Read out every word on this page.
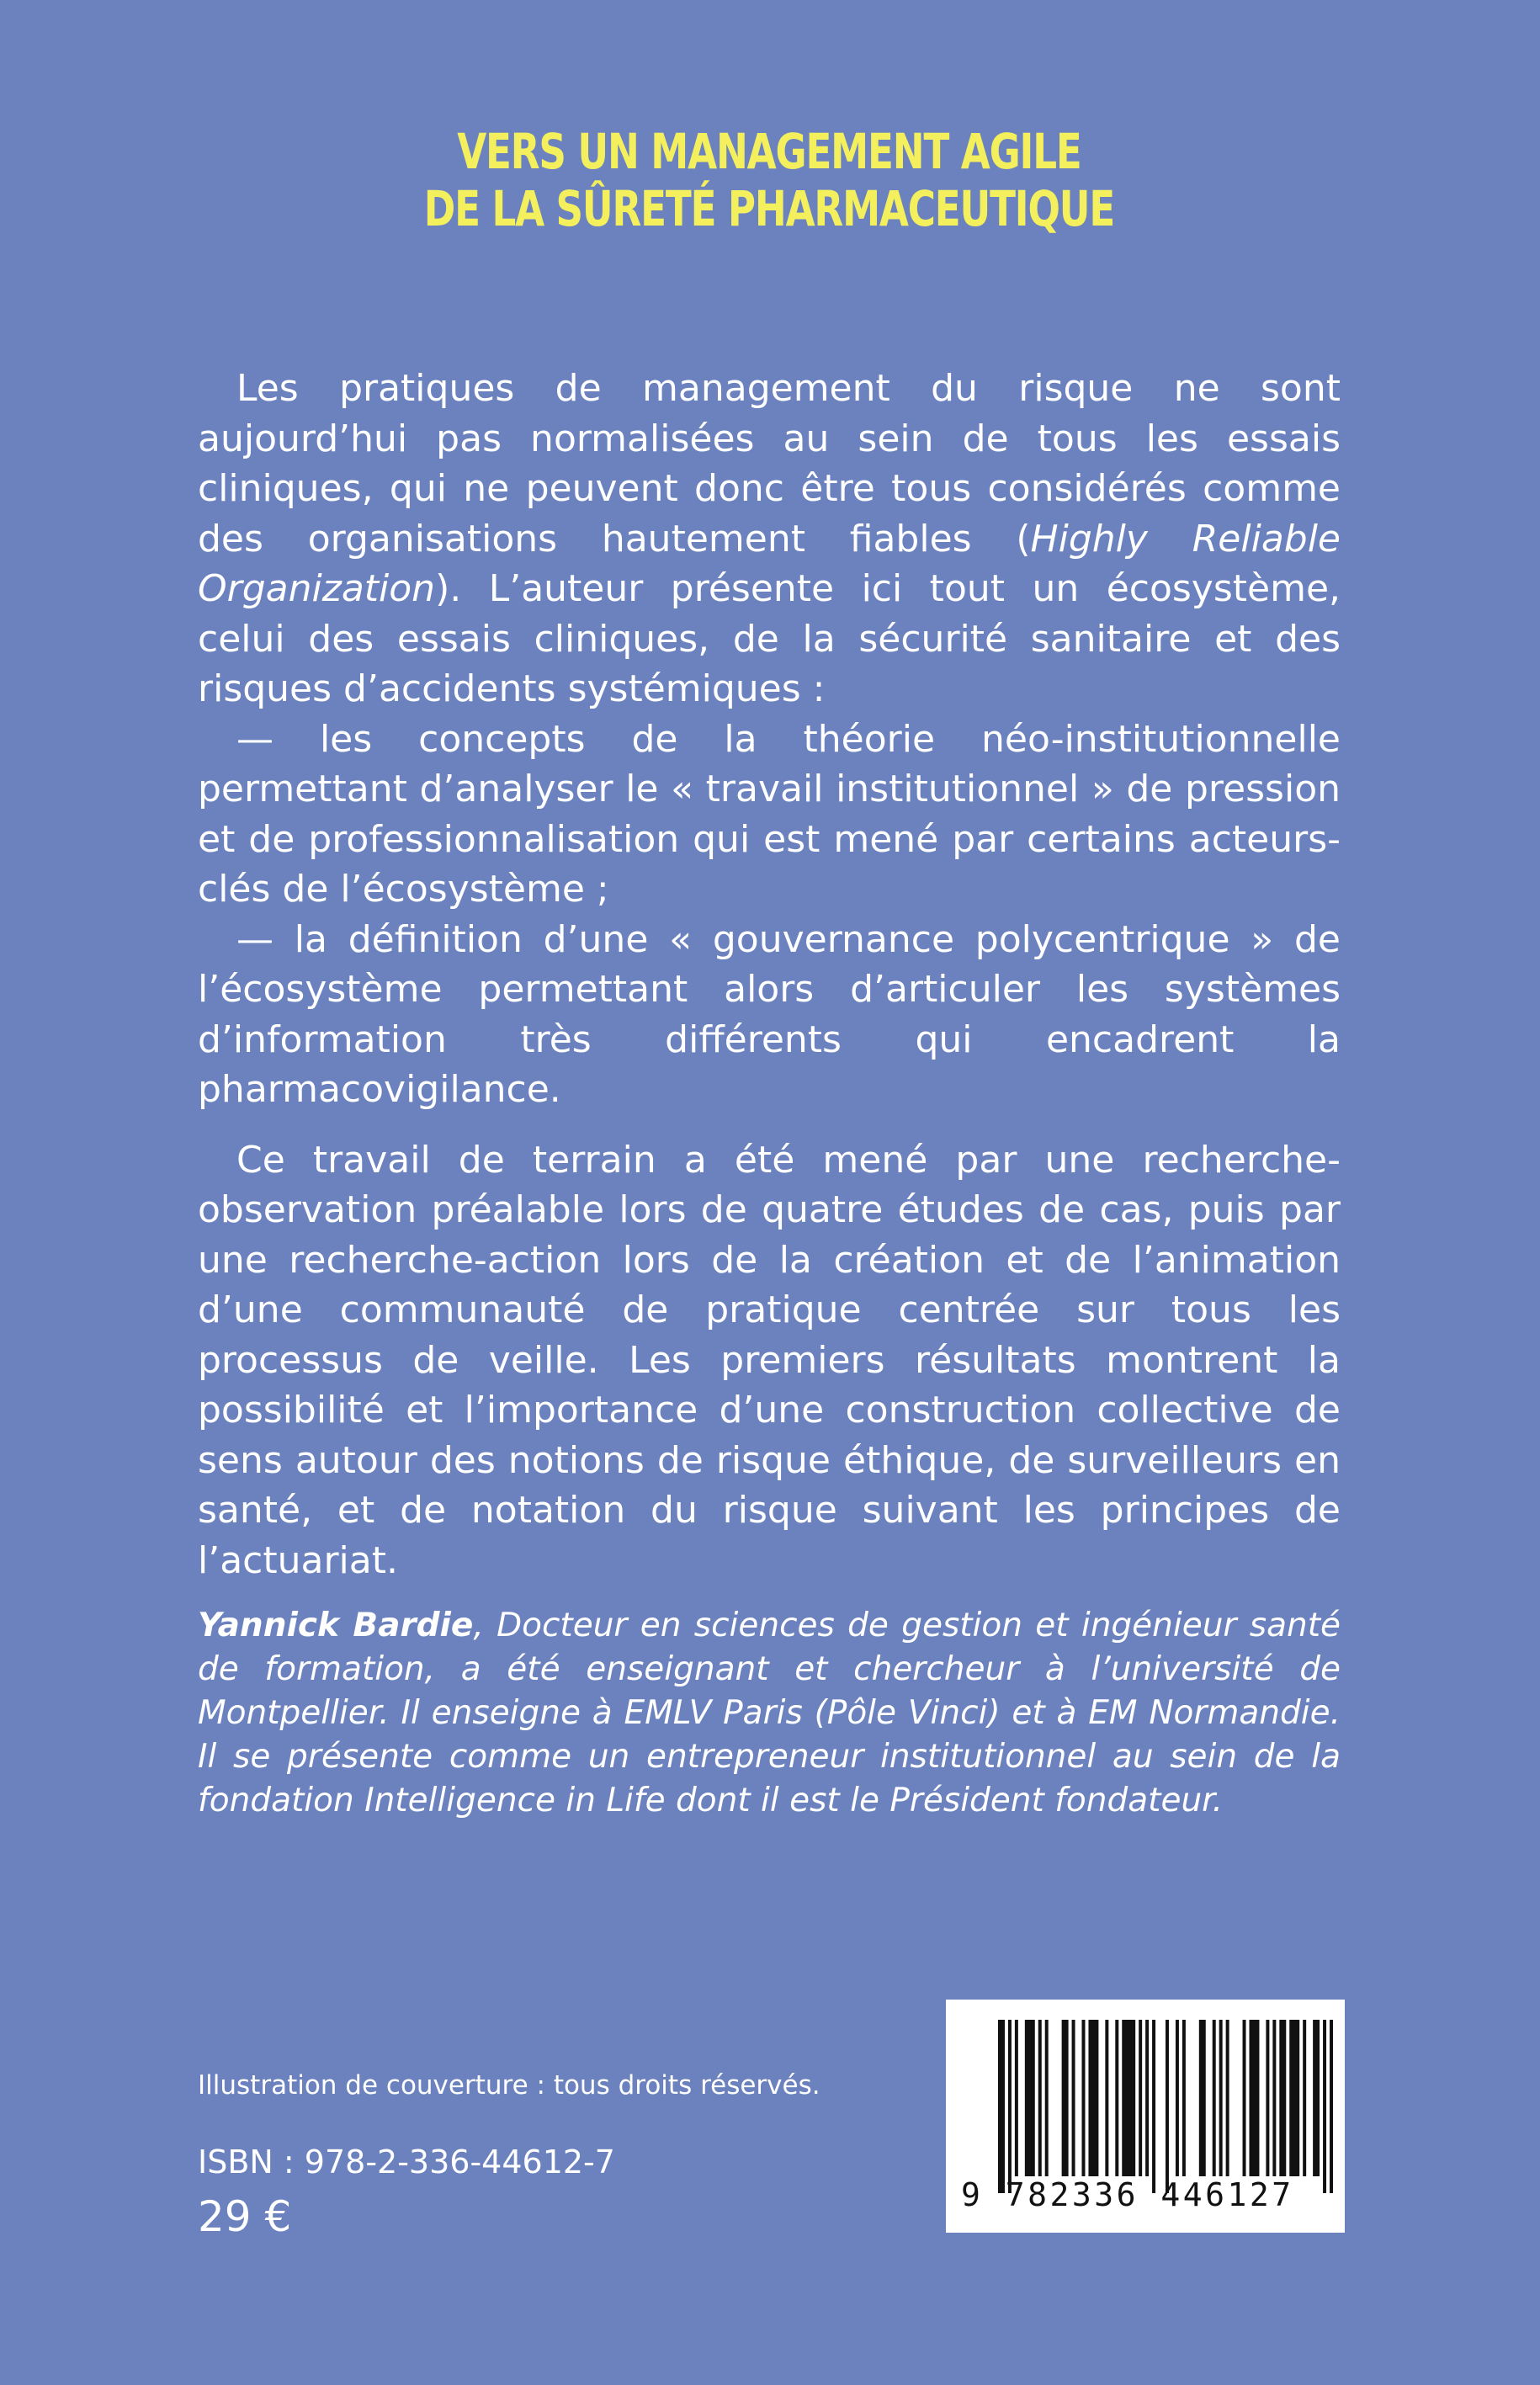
VERS UN MANAGEMENT AGILE
DE LA SÛRETÉ PHARMACEUTIQUE

Les pratiques de management du risque ne sont aujourd’hui pas normalisées au sein de tous les essais cliniques, qui ne peuvent donc être tous considérés comme des organisations hautement fiables (Highly Reliable Organization). L’auteur présente ici tout un écosystème, celui des essais cliniques, de la sécurité sanitaire et des risques d’accidents systémiques :

— les concepts de la théorie néo-institutionnelle permettant d’analyser le « travail institutionnel » de pression et de professionnalisation qui est mené par certains acteurs-clés de l’écosystème ;

— la définition d’une « gouvernance polycentrique » de l’écosystème permettant alors d’articuler les systèmes d’information très différents qui encadrent la pharmacovigilance.

Ce travail de terrain a été mené par une recherche-observation préalable lors de quatre études de cas, puis par une recherche-action lors de la création et de l’animation d’une communauté de pratique centrée sur tous les processus de veille. Les premiers résultats montrent la possibilité et l’importance d’une construction collective de sens autour des notions de risque éthique, de surveilleurs en santé, et de notation du risque suivant les principes de l’actuariat.

Yannick Bardie, Docteur en sciences de gestion et ingénieur santé de formation, a été enseignant et chercheur à l’université de Montpellier. Il enseigne à EMLV Paris (Pôle Vinci) et à EM Normandie. Il se présente comme un entrepreneur institutionnel au sein de la fondation Intelligence in Life dont il est le Président fondateur.
Illustration de couverture : tous droits réservés.
ISBN : 978-2-336-44612-7
29 €	9 782336 446127
